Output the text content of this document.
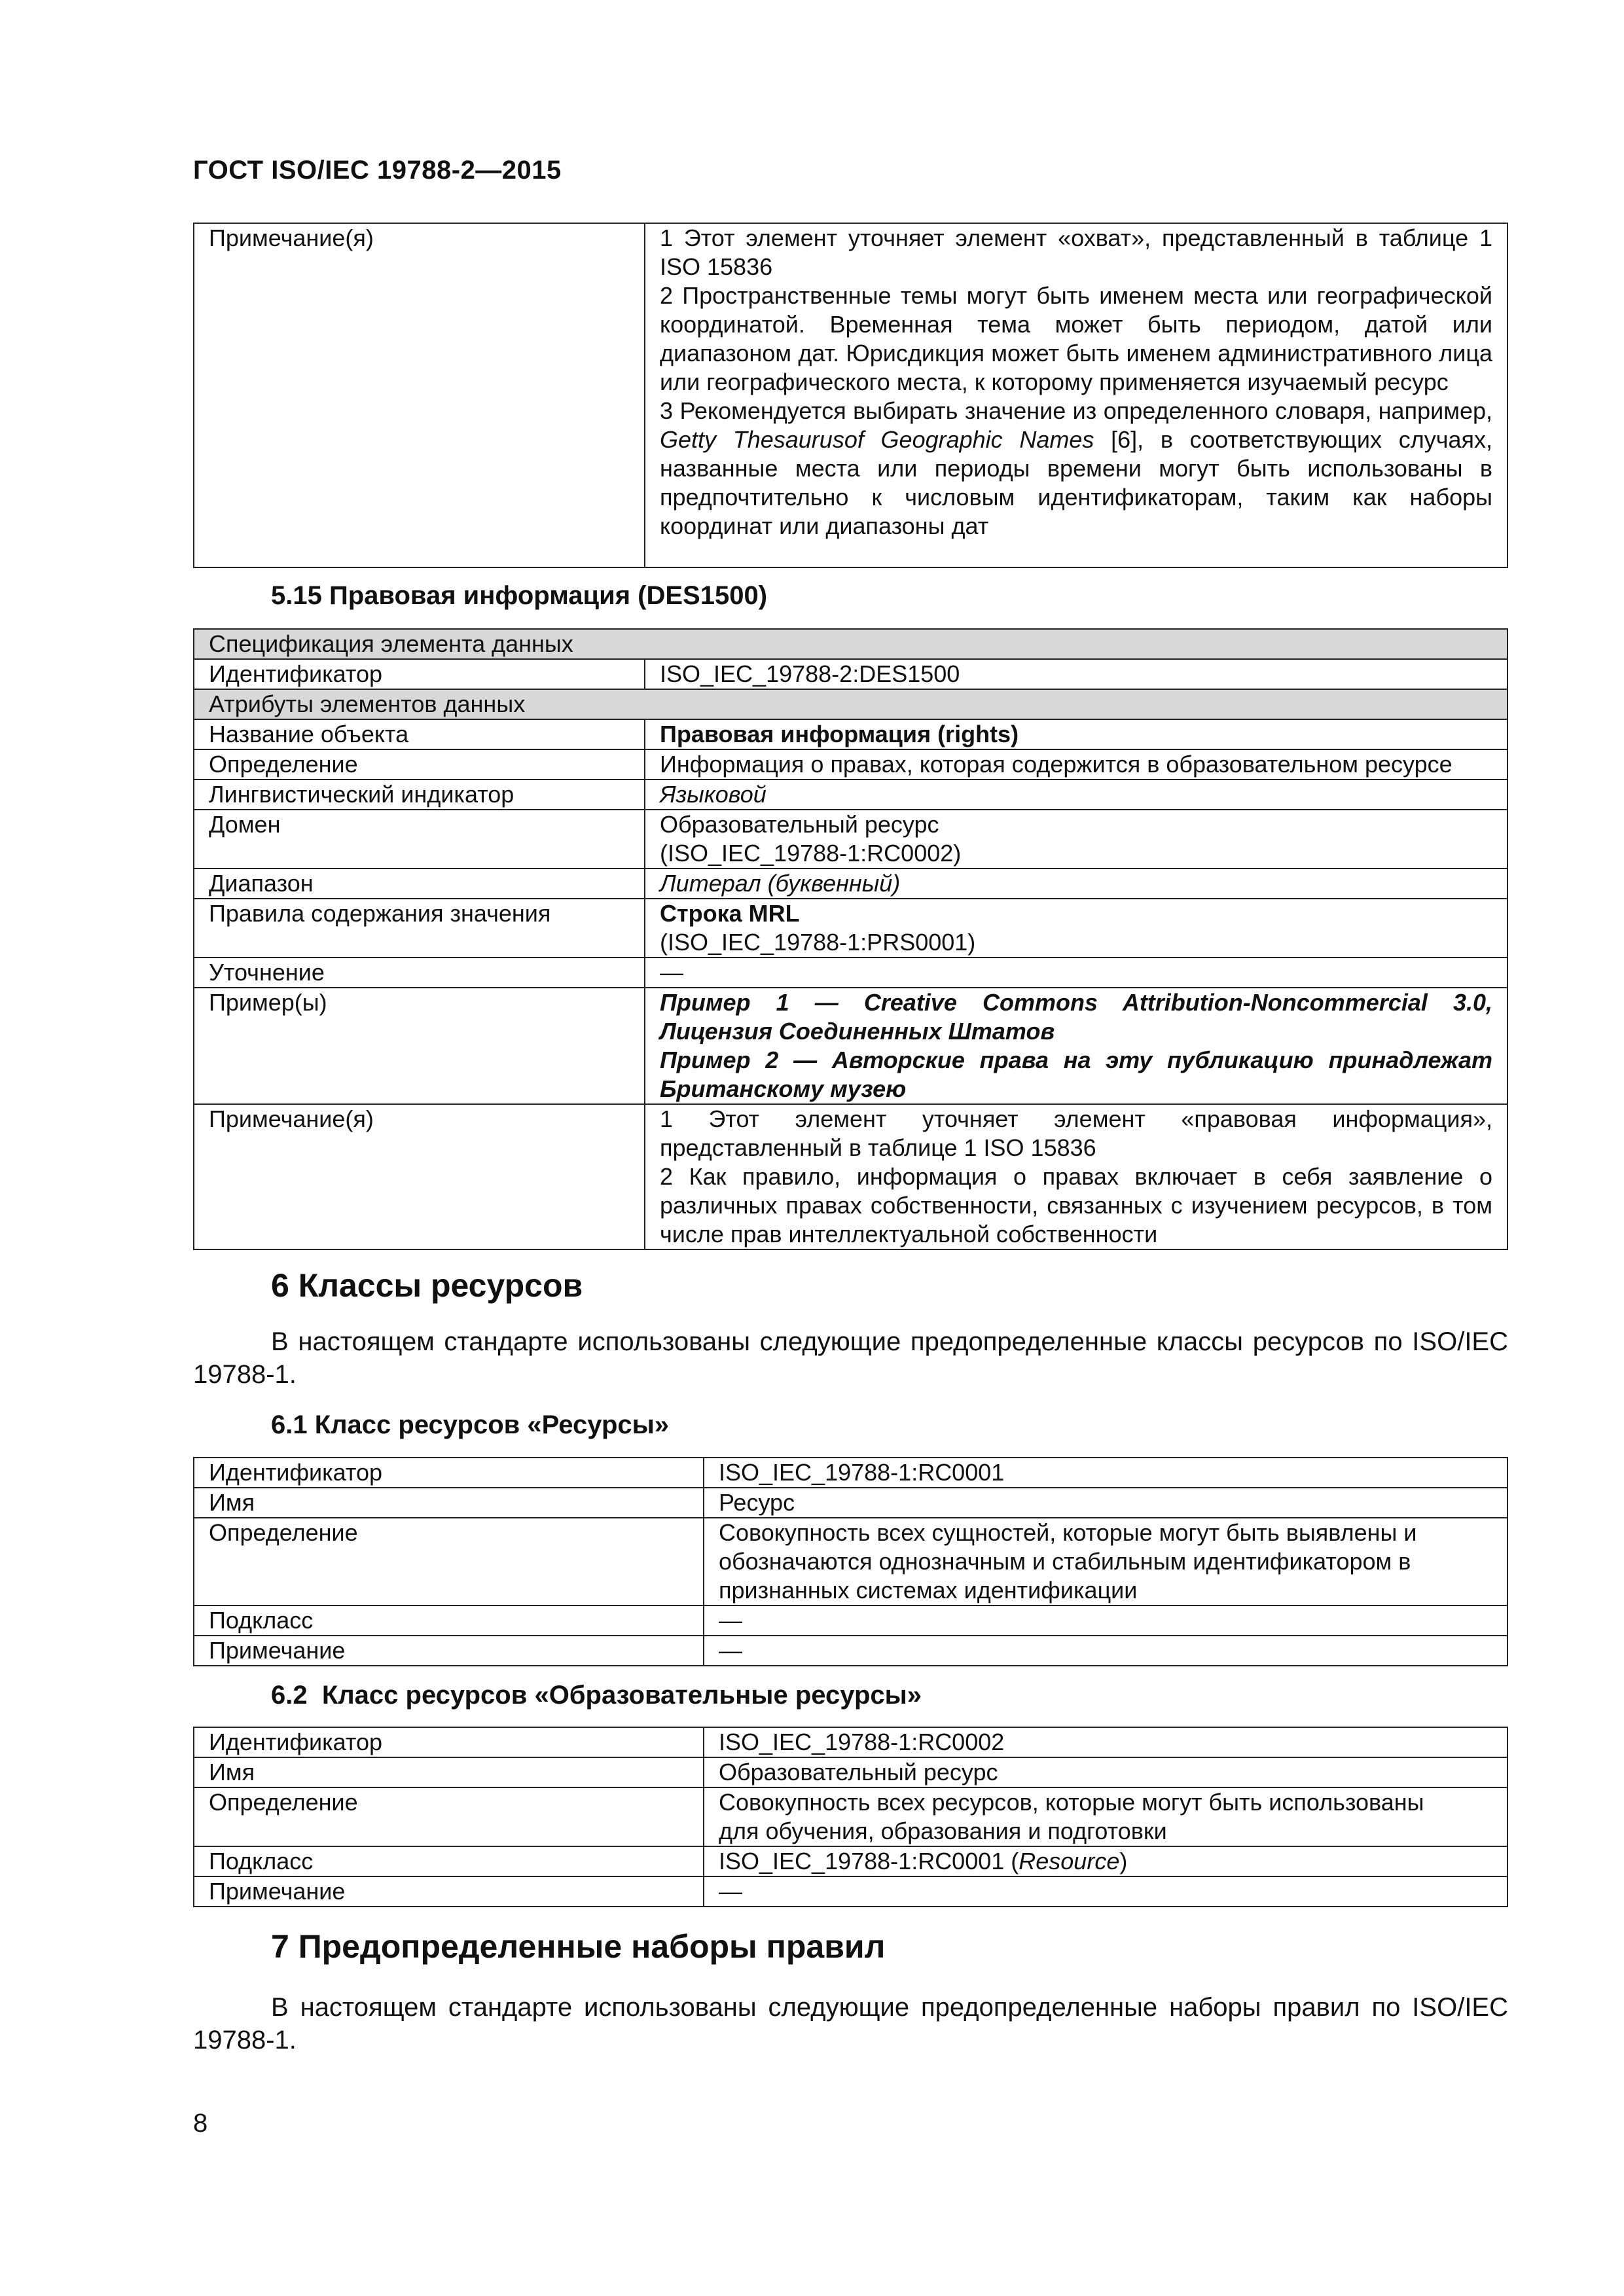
ГОСТ ISO/IEC 19788-2—2015
Примечание(я)	1 Этот элемент уточняет элемент «охват», представленный в таблице 1 ISO 15836
2 Пространственные темы могут быть именем места или географической координатой. Временная тема может быть периодом, датой или диапазоном дат. Юрисдикция может быть именем административного лица или географического места, к которому применяется изучаемый ресурс
3 Рекомендуется выбирать значение из определенного словаря, например, Getty Thesaurusof Geographic Names [6], в соответствующих случаях, названные места или периоды времени могут быть использованы в предпочтительно к числовым идентификаторам, таким как наборы координат или диапазоны дат
5.15 Правовая информация (DES1500)
Спецификация элемента данных	
Идентификатор	ISO_IEC_19788-2:DES1500
Атрибуты элементов данных	
Название объекта	Правовая информация (rights)
Определение	Информация о правах, которая содержится в образовательном ресурсе
Лингвистический индикатор	Языковой
Домен	Образовательный ресурс
(ISO_IEC_19788-1:RC0002)

Диапазон	Литерал (буквенный)
Правила содержания значения	Строка MRL
(ISO_IEC_19788-1:PRS0001)

Уточнение	—
Пример(ы)	Пример 1 — Creative Commons Attribution-Noncommercial 3.0, Лицензия Соединенных Штатов
Пример 2 — Авторские права на эту публикацию принадлежат Британскому музею

Примечание(я)	1 Этот элемент уточняет элемент «правовая информация», представленный в таблице 1 ISO 15836
2 Как правило, информация о правах включает в себя заявление о различных правах собственности, связанных с изучением ресурсов, в том числе прав интеллектуальной собственности
6 Классы ресурсов
В настоящем стандарте использованы следующие предопределенные классы ресурсов по ISO/IEC 19788-1.
6.1 Класс ресурсов «Ресурсы»
Идентификатор	ISO_IEC_19788-1:RC0001
Имя	Ресурс
Определение	Совокупность всех сущностей, которые могут быть выявлены и обозначаются однозначным и стабильным идентификатором в признанных системах идентификации
Подкласс	—
Примечание	—
6.2  Класс ресурсов «Образовательные ресурсы»
Идентификатор	ISO_IEC_19788-1:RC0002
Имя	Образовательный ресурс
Определение	Совокупность всех ресурсов, которые могут быть использованы для обучения, образования и подготовки
Подкласс	ISO_IEC_19788-1:RC0001 (Resource)
Примечание	—
7 Предопределенные наборы правил
В настоящем стандарте использованы следующие предопределенные наборы правил по ISO/IEC 19788-1.
8
